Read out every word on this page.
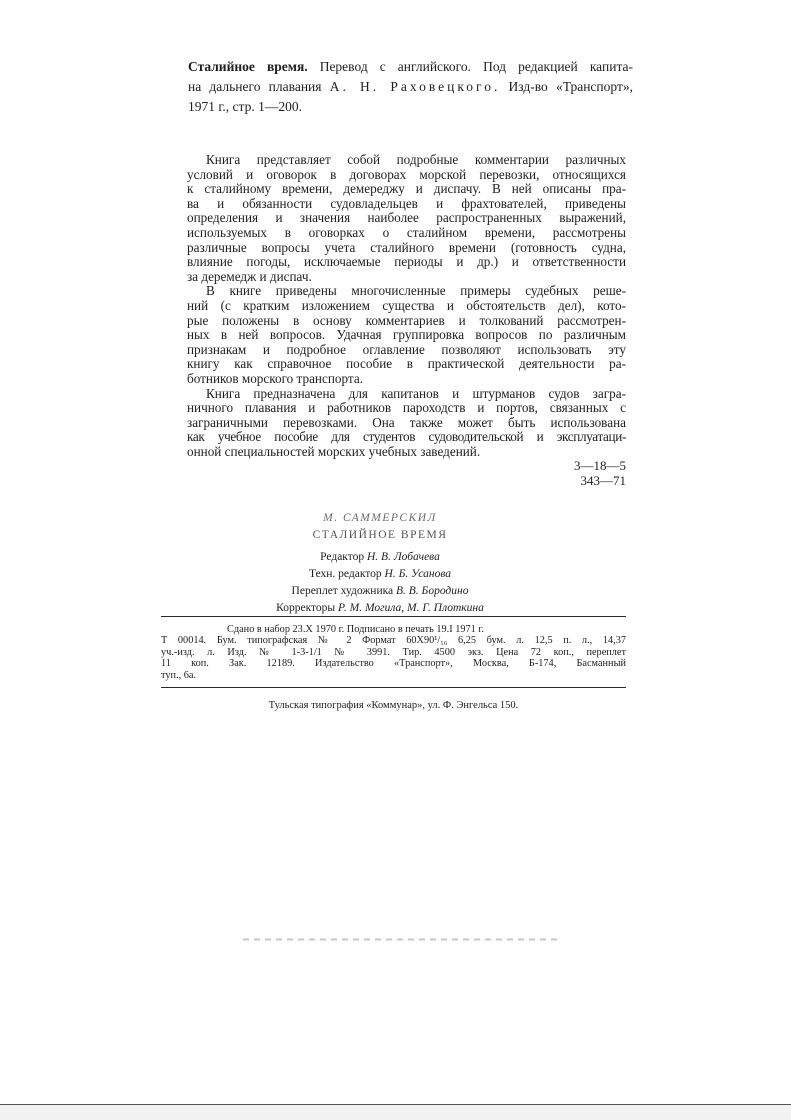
Сталийное время. Перевод с английского. Под редакцией капита-
на дальнего плавания А. Н. Раховецкого. Изд-во «Транспорт»,
1971 г., стр. 1—200.
Книга представляет собой подробные комментарии различных
условий и оговорок в договорах морской перевозки, относящихся
к сталийному времени, демереджу и диспачу. В ней описаны пра-
ва и обязанности судовладельцев и фрахтователей, приведены
определения и значения наиболее распространенных выражений,
используемых в оговорках о сталийном времени, рассмотрены
различные вопросы учета сталийного времени (готовность судна,
влияние погоды, исключаемые периоды и др.) и ответственности
за деремедж и диспач.
В книге приведены многочисленные примеры судебных реше-
ний (с кратким изложением существа и обстоятельств дел), кото-
рые положены в основу комментариев и толкований рассмотрен-
ных в ней вопросов. Удачная группировка вопросов по различным
признакам и подробное оглавление позволяют использовать эту
книгу как справочное пособие в практической деятельности ра-
ботников морского транспорта.
Книга предназначена для капитанов и штурманов судов загра-
ничного плавания и работников пароходств и портов, связанных с
заграничными перевозками. Она также может быть использована
как учебное пособие для студентов судоводительской и эксплуатаци-
онной специальностей морских учебных заведений.
3—18—5
343—71
М. САММЕРСКИЛ
СТАЛИЙНОЕ ВРЕМЯ
Редактор Н. В. Лобачева
Техн. редактор Н. Б. Усанова
Переплет художника В. В. Бородино
Корректоры Р. М. Могила, М. Г. Плоткина
Сдано в набор 23.X 1970 г. Подписано в печать 19.I 1971 г.
Т 00014. Бум. типографская № 2 Формат 60Х90¹/₁₆ 6,25 бум. л. 12,5 п. л., 14,37
уч.-изд. л. Изд. № 1-3-1/1 № 3991. Тир. 4500 экз. Цена 72 коп., переплет
11 коп. Зак. 12189. Издательство «Транспорт», Москва, Б-174, Басманный
туп., 6а.
Тульская типография «Коммунар», ул. Ф. Энгельса 150.
